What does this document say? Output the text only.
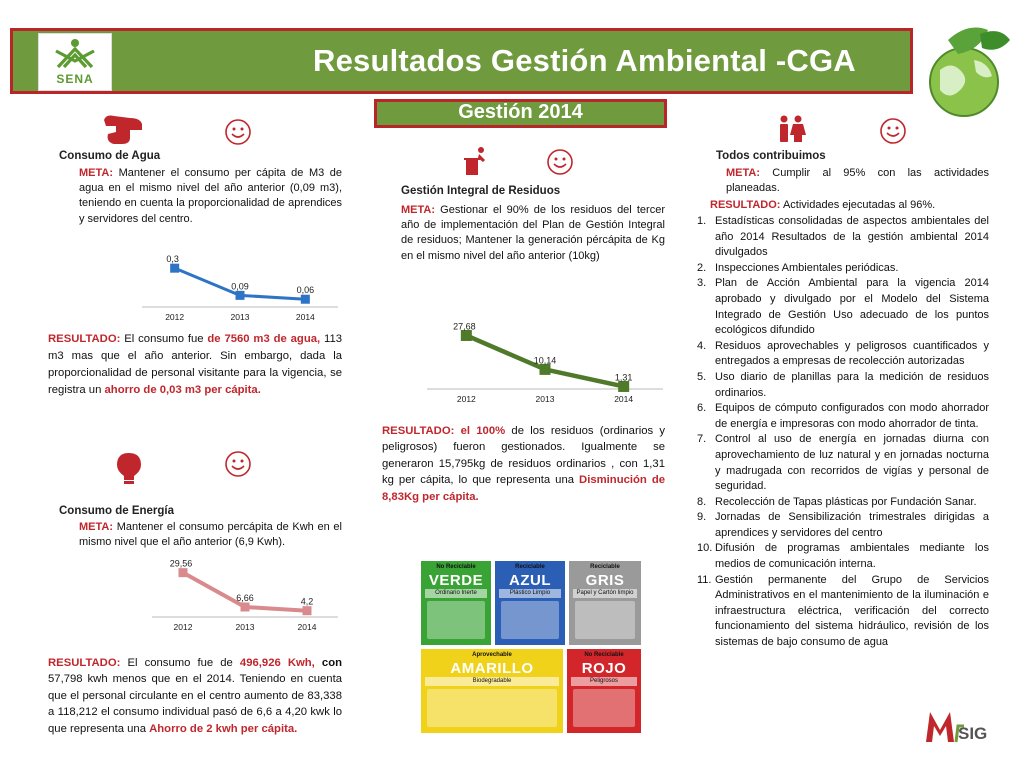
SENA
Resultados Gestión Ambiental -CGA
Gestión 2014
Consumo de Agua
META: Mantener el consumo per cápita de M3 de agua en el mismo nivel del año anterior (0,09 m3), teniendo en cuenta la proporcionalidad de aprendices y servidores del centro.
0,3
2012
0,09
2013
0,06
2014
RESULTADO: El consumo fue de 7560 m3 de agua, 113 m3 mas que el año anterior. Sin embargo, dada la proporcionalidad de personal visitante para la vigencia, se registra un ahorro de 0,03 m3 per cápita.
Consumo de Energía
META: Mantener el consumo percápita de Kwh en el mismo nivel que el año anterior (6,9 Kwh).
29,56
2012
6,66
2013
4,2
2014
RESULTADO: El consumo fue de 496,926 Kwh, con 57,798 kwh menos que en el 2014. Teniendo en cuenta que el personal circulante en el centro aumento de 83,338 a 118,212 el consumo individual pasó de 6,6 a 4,20 kwk lo que representa una Ahorro de 2 kwh per cápita.
Gestión Integral de Residuos
META: Gestionar el 90% de los residuos del tercer año de implementación del Plan de Gestión Integral de residuos; Mantener la generación pércápita de Kg en el mismo nivel del año anterior (10kg)
27,68
2012
10,14
2013
1,31
2014
RESULTADO: el 100% de los residuos (ordinarios y peligrosos) fueron gestionados. Igualmente se generaron 15,795kg de residuos ordinarios , con 1,31 kg per cápita, lo que representa una Disminución de 8,83Kg per cápita.
No Reciclable
VERDE
Ordinario Inerte
Reciclable
AZUL
Plástico Limpio
Reciclable
GRIS
Papel y Cartón limpio
Aprovechable
AMARILLO
Biodegradable
No Reciclable
ROJO
Peligrosos
Todos contribuimos
META: Cumplir al 95% con las actividades planeadas.
RESULTADO: Actividades ejecutadas al 96%.
1. Estadísticas consolidadas de aspectos ambientales del año 2014 Resultados de la gestión ambiental 2014 divulgados
2. Inspecciones Ambientales periódicas.
3. Plan de Acción Ambiental para la vigencia 2014 aprobado y divulgado por el Modelo del Sistema Integrado de Gestión Uso adecuado de los puntos ecológicos difundido
4. Residuos aprovechables y peligrosos cuantificados y entregados a empresas de recolección autorizadas
5. Uso diario de planillas para la medición de residuos ordinarios.
6. Equipos de cómputo configurados con modo ahorrador de energía e impresoras con modo ahorrador de tinta.
7. Control al uso de energía en jornadas diurna con aprovechamiento de luz natural y en jornadas nocturna y madrugada con recorridos de vigías y personal de seguridad.
8. Recolección de Tapas plásticas por Fundación Sanar.
9. Jornadas de Sensibilización trimestrales dirigidas a aprendices y servidores del centro
10. Difusión de programas ambientales mediante los medios de comunicación interna.
11. Gestión permanente del Grupo de Servicios Administrativos en el mantenimiento de la iluminación e infraestructura eléctrica, verificación del correcto funcionamiento del sistema hidráulico, revisión de los sistemas de bajo consumo de agua
SIG
